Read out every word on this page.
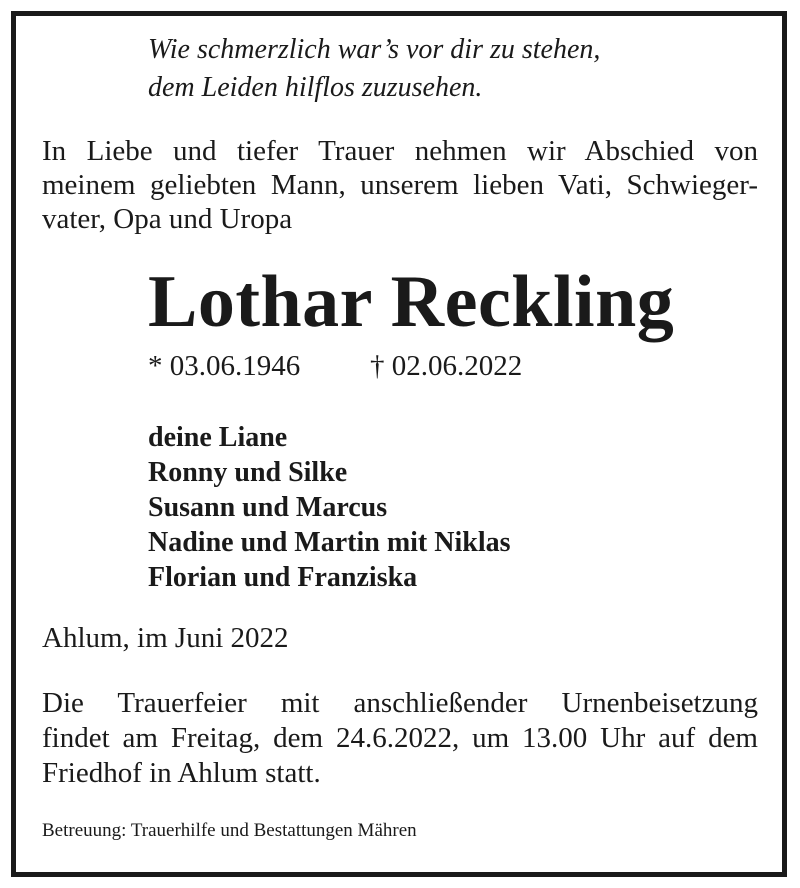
Wie schmerzlich war’s vor dir zu stehen,

dem Leiden hilflos zuzusehen.

In Liebe und tiefer Trauer nehmen wir Abschied von

meinem geliebten Mann, unserem lieben Vati, Schwieger-

vater, Opa und Uropa

Lothar Reckling

* 03.06.1946 † 02.06.2022

deine Liane

Ronny und Silke

Susann und Marcus

Nadine und Martin mit Niklas

Florian und Franziska

Ahlum, im Juni 2022

Die Trauerfeier mit anschließender Urnenbeisetzung

findet am Freitag, dem 24.6.2022, um 13.00 Uhr auf dem

Friedhof in Ahlum statt.

Betreuung: Trauerhilfe und Bestattungen Mähren
